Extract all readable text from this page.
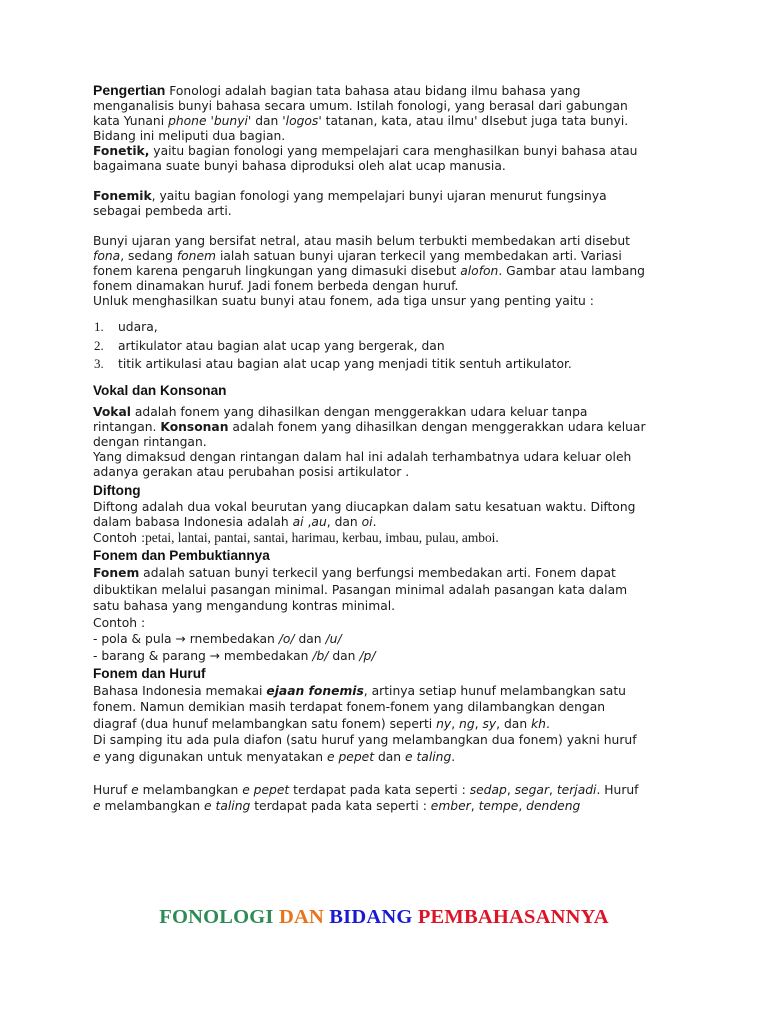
Pengertian Fonologi adalah bagian tata bahasa atau bidang ilmu bahasa yang
menganalisis bunyi bahasa secara umum. Istilah fonologi, yang berasal dari gabungan
kata Yunani phone 'bunyi' dan 'logos' tatanan, kata, atau ilmu' dIsebut juga tata bunyi.
Bidang ini meliputi dua bagian.
Fonetik, yaitu bagian fonologi yang mempelajari cara menghasilkan bunyi bahasa atau
bagaimana suate bunyi bahasa diproduksi oleh alat ucap manusia.

Fonemik, yaitu bagian fonologi yang mempelajari bunyi ujaran menurut fungsinya
sebagai pembeda arti.

Bunyi ujaran yang bersifat netral, atau masih belum terbukti membedakan arti disebut
fona, sedang fonem ialah satuan bunyi ujaran terkecil yang membedakan arti. Variasi
fonem karena pengaruh lingkungan yang dimasuki disebut alofon. Gambar atau lambang
fonem dinamakan huruf. Jadi fonem berbeda dengan huruf.
Unluk menghasilkan suatu bunyi atau fonem, ada tiga unsur yang penting yaitu :

1. udara,
2. artikulator atau bagian alat ucap yang bergerak, dan
3. titik artikulasi atau bagian alat ucap yang menjadi titik sentuh artikulator.
Vokal dan Konsonan

Vokal adalah fonem yang dihasilkan dengan menggerakkan udara keluar tanpa
rintangan. Konsonan adalah fonem yang dihasilkan dengan menggerakkan udara keluar
dengan rintangan.
Yang dimaksud dengan rintangan dalam hal ini adalah terhambatnya udara keluar oleh
adanya gerakan atau perubahan posisi artikulator .

Diftong

Diftong adalah dua vokal beurutan yang diucapkan dalam satu kesatuan waktu. Diftong
dalam babasa Indonesia adalah ai ,au, dan oi.
Contoh :petai, lantai, pantai, santai, harimau, kerbau, imbau, pulau, amboi.

Fonem dan Pembuktiannya

Fonem adalah satuan bunyi terkecil yang berfungsi membedakan arti. Fonem dapat
dibuktikan melalui pasangan minimal. Pasangan minimal adalah pasangan kata dalam
satu bahasa yang mengandung kontras minimal.
Contoh :
- pola & pula → rnembedakan /o/ dan /u/
- barang & parang → membedakan /b/ dan /p/

Fonem dan Huruf

Bahasa Indonesia memakai ejaan fonemis, artinya setiap hunuf melambangkan satu
fonem. Namun demikian masih terdapat fonem-fonem yang dilambangkan dengan
diagraf (dua hunuf melambangkan satu fonem) seperti ny, ng, sy, dan kh.
Di samping itu ada pula diafon (satu huruf yang melambangkan dua fonem) yakni huruf
e yang digunakan untuk menyatakan e pepet dan e taling.

Huruf e melambangkan e pepet terdapat pada kata seperti : sedap, segar, terjadi. Huruf
e melambangkan e taling terdapat pada kata seperti : ember, tempe, dendeng

FONOLOGI DAN BIDANG PEMBAHASANNYA
